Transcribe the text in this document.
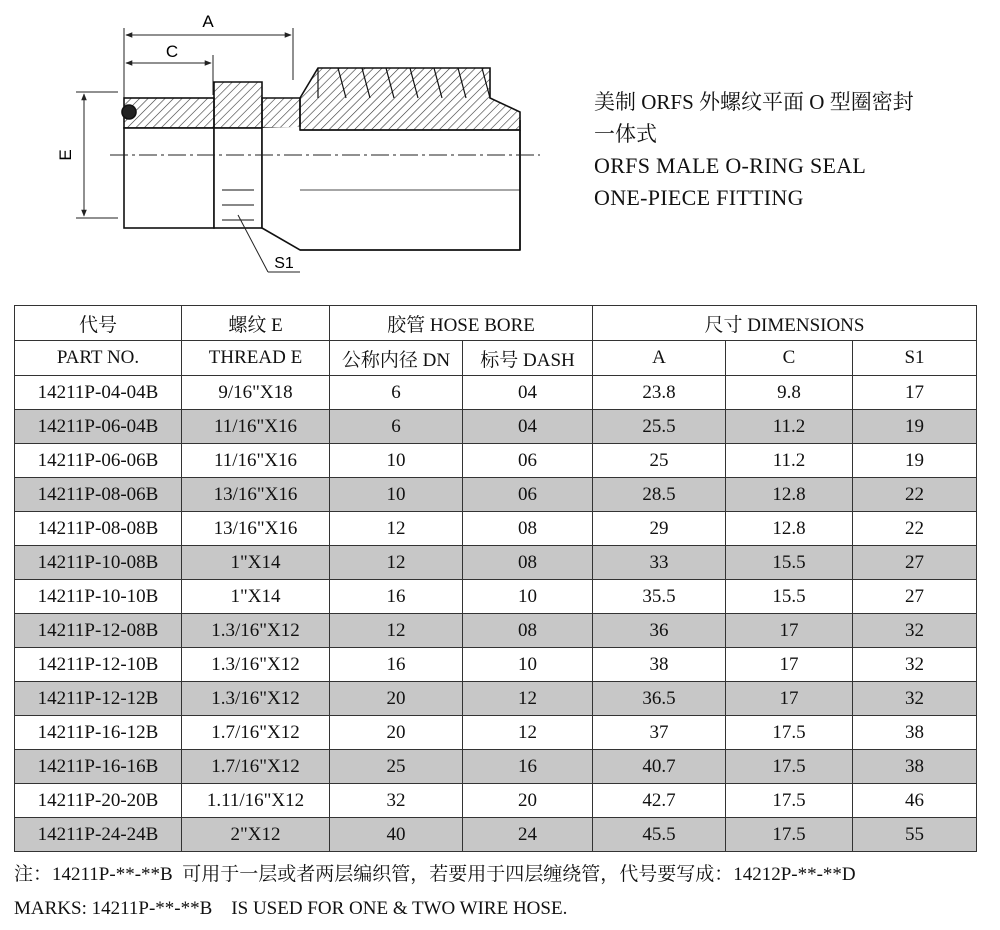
A
C
E
S1
美制 ORFS 外螺纹平面 O 型圈密封
一体式
ORFS MALE O-RING SEAL
ONE-PIECE FITTING
代号	螺纹 E	胶管 HOSE BORE		尺寸 DIMENSIONS		
PART NO.	THREAD E	公称内径 DN	标号 DASH	A	C	S1
14211P-04-04B	9/16"X18	6	04	23.8	9.8	17
14211P-06-04B	11/16"X16	6	04	25.5	11.2	19
14211P-06-06B	11/16"X16	10	06	25	11.2	19
14211P-08-06B	13/16"X16	10	06	28.5	12.8	22
14211P-08-08B	13/16"X16	12	08	29	12.8	22
14211P-10-08B	1"X14	12	08	33	15.5	27
14211P-10-10B	1"X14	16	10	35.5	15.5	27
14211P-12-08B	1.3/16"X12	12	08	36	17	32
14211P-12-10B	1.3/16"X12	16	10	38	17	32
14211P-12-12B	1.3/16"X12	20	12	36.5	17	32
14211P-16-12B	1.7/16"X12	20	12	37	17.5	38
14211P-16-16B	1.7/16"X12	25	16	40.7	17.5	38
14211P-20-20B	1.11/16"X12	32	20	42.7	17.5	46
14211P-24-24B	2"X12	40	24	45.5	17.5	55
注：14211P-**-**B  可用于一层或者两层编织管，若要用于四层缠绕管，代号要写成：14212P-**-**D
MARKS: 14211P-**-**B    IS USED FOR ONE & TWO WIRE HOSE.
